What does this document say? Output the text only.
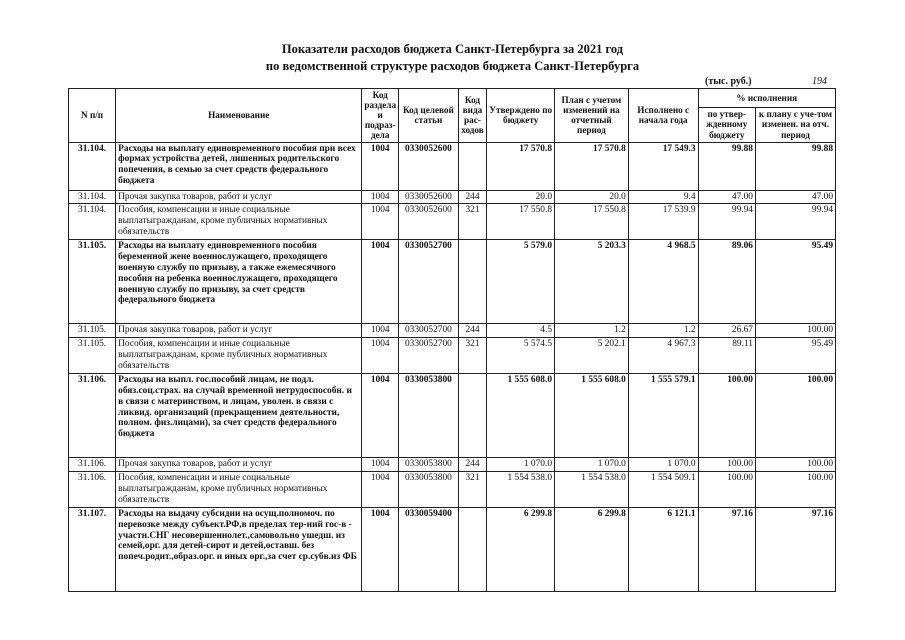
Показатели расходов бюджета Санкт-Петербурга за 2021 год
по ведомственной структуре расходов бюджета Санкт-Петербурга
(тыс. руб.)	194
N п/п	Наименование	Код раздела и подраз-дела	Код целевой статьи	Код вида рас-ходов	Утверждено по бюджету	План с учетом изменений на отчетный период	Исполнено с начала года	% исполнения	
								по утвер-жденному бюджету	к плану с уче-том изменен. на отч. период
31.104.	Расходы на выплату единовременного пособия при всех формах устройства детей, лишенных родительского попечения, в семью за счет средств федерального бюджета	1004	0330052600		17 570.8	17 570.8	17 549.3	99.88	99.88
31.104.	Прочая закупка товаров, работ и услуг	1004	0330052600	244	20.0	20.0	9.4	47.00	47.00
31.104.	Пособия, компенсации и иные социальные выплатыгражданам, кроме публичных нормативных обязательств	1004	0330052600	321	17 550.8	17 550.8	17 539.9	99.94	99.94
31.105.	Расходы на выплату единовременного пособия беременной жене военнослужащего, проходящего военную службу по призыву, а также ежемесячного пособия на ребенка военнослужащего, проходящего военную службу по призыву, за счет средств федерального бюджета	1004	0330052700		5 579.0	5 203.3	4 968.5	89.06	95.49
31.105.	Прочая закупка товаров, работ и услуг	1004	0330052700	244	4.5	1.2	1.2	26.67	100.00
31.105.	Пособия, компенсации и иные социальные выплатыгражданам, кроме публичных нормативных обязательств	1004	0330052700	321	5 574.5	5 202.1	4 967.3	89.11	95.49
31.106.	Расходы на выпл. гос.пособий лицам, не подл. обяз.соц.страх. на случай временной нетрудоспособн. и в связи с материнством, и лицам, уволен. в связи с ликвид. организаций (прекращением деятельности, полном. физ.лицами), за счет средств федерального бюджета	1004	0330053800		1 555 608.0	1 555 608.0	1 555 579.1	100.00	100.00
31.106.	Прочая закупка товаров, работ и услуг	1004	0330053800	244	1 070.0	1 070.0	1 070.0	100.00	100.00
31.106.	Пособия, компенсации и иные социальные выплатыгражданам, кроме публичных нормативных обязательств	1004	0330053800	321	1 554 538.0	1 554 538.0	1 554 509.1	100.00	100.00
31.107.	Расходы на выдачу субсидии на осущ.полномоч. по перевозке между субъект.РФ,в пределах тер-ний гос-в - участн.СНГ несовершеннолет.,самовольно ушедш. из семей,орг. для детей-сирот и детей,оставш. без попеч.родит.,образ.орг. и иных орг.,за счет ср.субв.из ФБ	1004	0330059400		6 299.8	6 299.8	6 121.1	97.16	97.16
